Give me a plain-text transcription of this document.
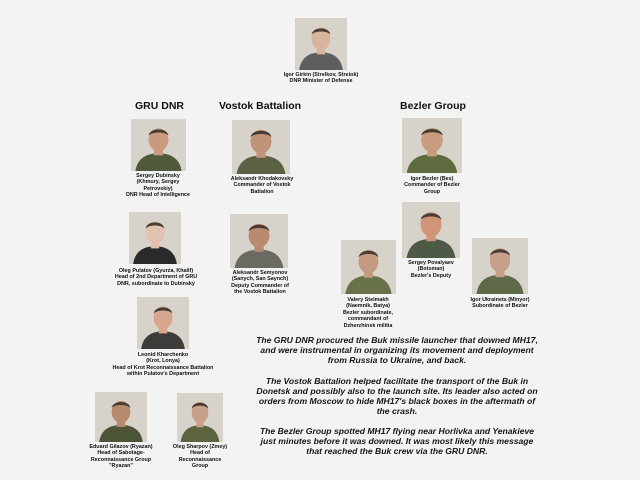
GRU DNR	Vostok Battalion	Bezler Group
Igor Girkin (Strelkov, Streiok)
DNR Minister of Defense
Sergey Dubinsky
(Khmury, Sergey
Petrovskiy)
DNR Head of Intelligence
Aleksandr Khodakovsky
Commander of Vostok
Battalion
Igor Bezler (Bes)
Commander of Bezler
Group
Oleg Pulatov (Gyurza, Khalif)
Head of 2nd Department of GRU
DNR, subordinate to Dubinsky
Aleksandr Semyonov
(Sanych, San Saynch)
Deputy Commander of
the Vostok Battalion
Sergey Povalyaev
(Botsman)
Bezler's Deputy
Valery Stelmakh
(Naemnik, Batya)
Bezler subordinate,
commandant of
Dzherzhinsk militia
Igor Ukrainets (Minyor)
Subordinate of Bezler
Leonid Kharchenko
(Krot, Lonya)
Head of Krot Reconnaissance Battalion
within Pulatov's Department
Eduard Gilazov (Ryazan)
Head of Sabotage-
Reconnaissance Group
"Ryazan"
Oleg Sharpov (Zmey)
Head of
Reconnaissance
Group

The GRU DNR procured the Buk missile launcher that downed MH17, and were instrumental in organizing its movement and deployment from Russia to Ukraine, and back.

The Vostok Battalion helped facilitate the transport of the Buk in Donetsk and possibly also to the launch site. Its leader also acted on orders from Moscow to hide MH17's black boxes in the aftermath of the crash.

The Bezler Group spotted MH17 flying near Horlivka and Yenakieve just minutes before it was downed. It was most likely this message that reached the Buk crew via the GRU DNR.
